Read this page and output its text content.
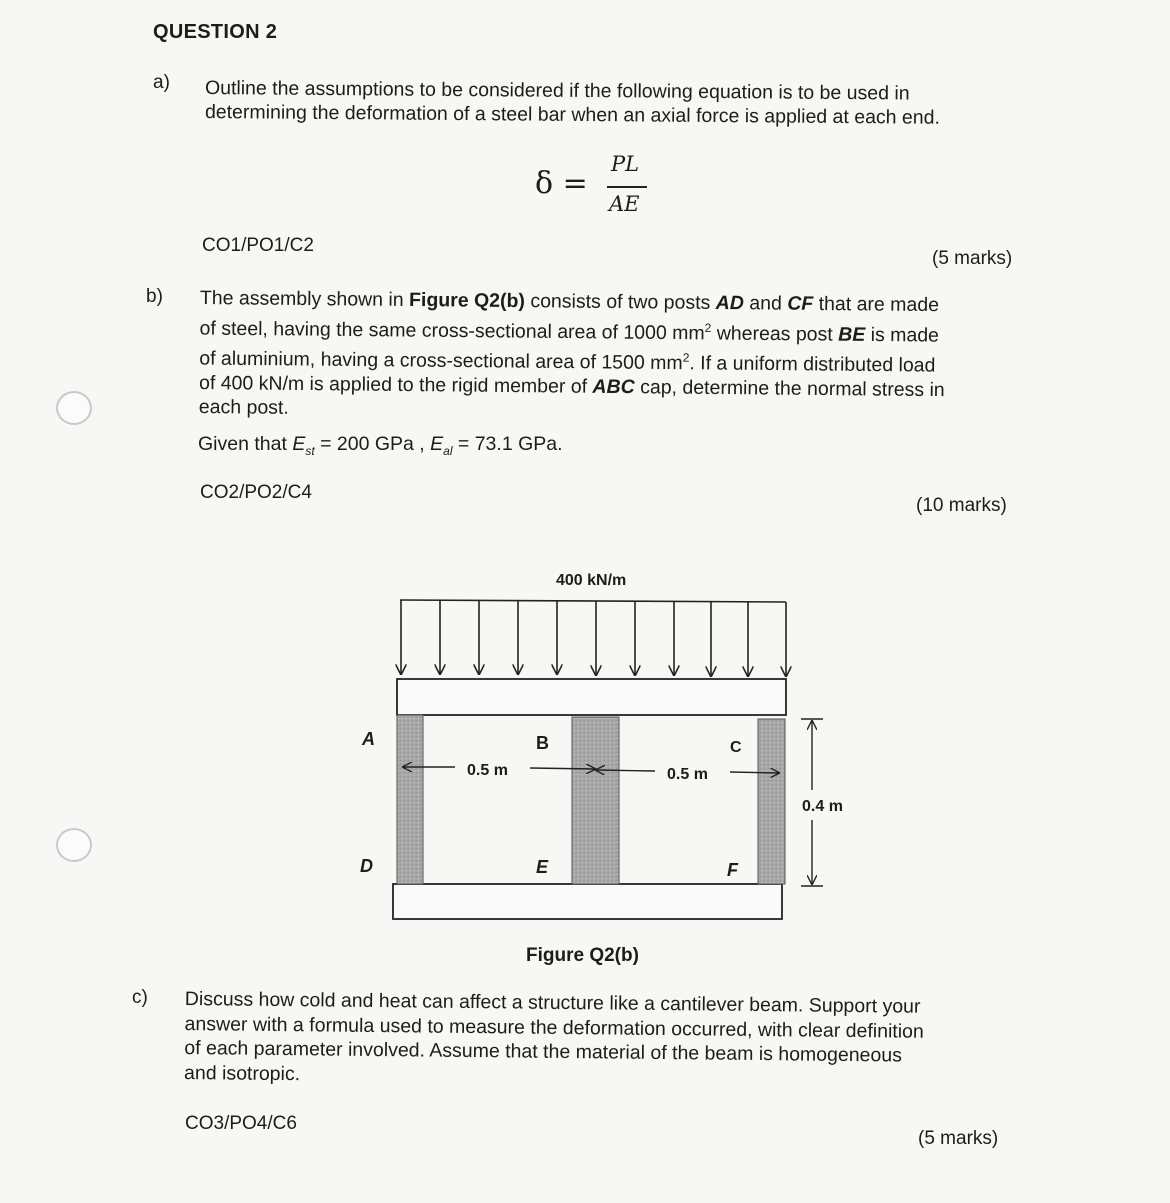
QUESTION 2
a) Outline the assumptions to be considered if the following equation is to be used in
determining the deformation of a steel bar when an axial force is applied at each end.
δ =
PL
AE
CO1/PO1/C2
(5 marks)
b) The assembly shown in Figure Q2(b) consists of two posts AD and CF that are made
of steel, having the same cross-sectional area of 1000 $mm^2$ whereas post BE is made
of aluminium, having a cross-sectional area of 1500 $mm^2$. If a uniform distributed load
of 400 kN/m is applied to the rigid member of ABC cap, determine the normal stress in
each post.
Given that $E_{st} = 200$ GPa , $E_{al} = 73.1$ GPa.
CO2/PO2/C4
(10 marks)
400 kN/m
A	B	C
D	E	F
0.5 m	0.5 m
0.4 m
Figure Q2(b)
c) Discuss how cold and heat can affect a structure like a cantilever beam. Support your
answer with a formula used to measure the deformation occurred, with clear definition
of each parameter involved. Assume that the material of the beam is homogeneous
and isotropic.
CO3/PO4/C6
(5 marks)
